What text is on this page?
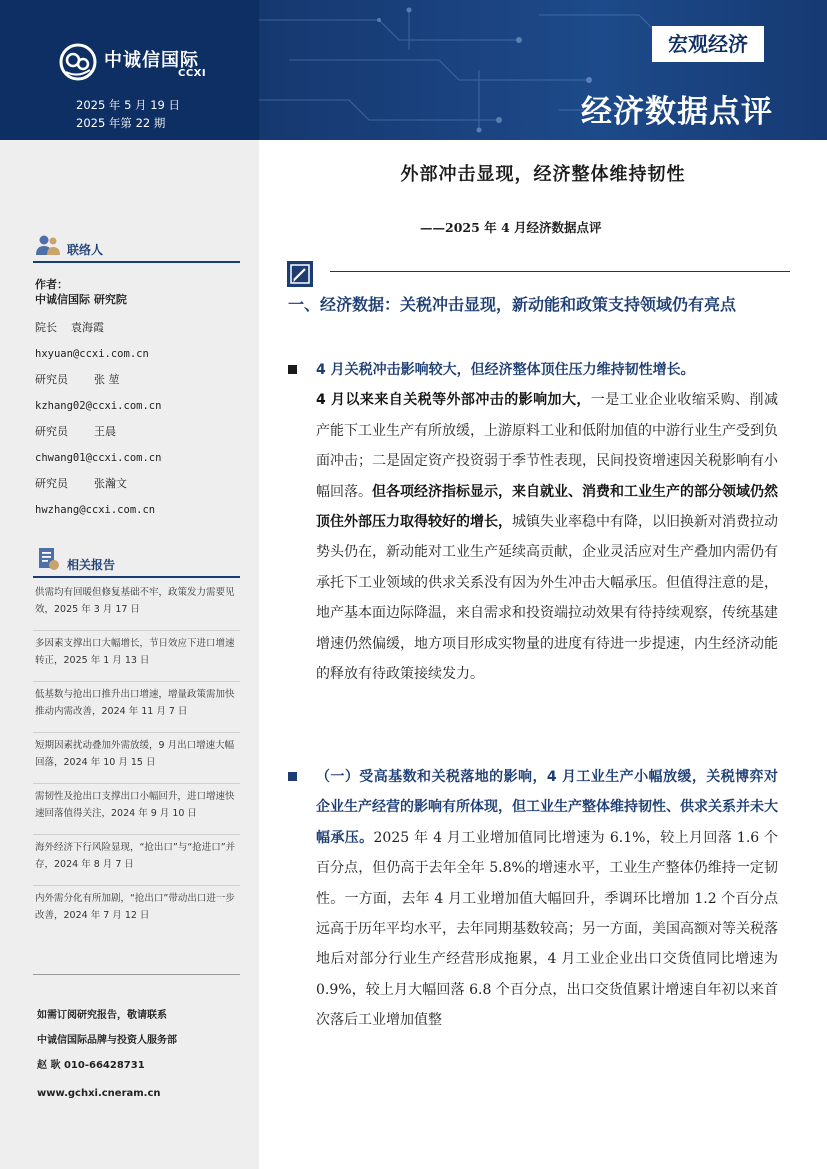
中诚信国际
CCXI
2025 年 5 月 19 日
2025 年第 22 期
宏观经济
经济数据点评
联络人
作者：
中诚信国际 研究院
院长 袁海霞
hxyuan@ccxi.com.cn
研究员 张 堃
kzhang02@ccxi.com.cn
研究员 王晨
chwang01@ccxi.com.cn
研究员 张瀚文
hwzhang@ccxi.com.cn
相关报告
供需均有回暖但修复基础不牢，政策发力需要见效，2025 年 3 月 17 日
多因素支撑出口大幅增长，节日效应下进口增速转正，2025 年 1 月 13 日
低基数与抢出口推升出口增速，增量政策需加快推动内需改善，2024 年 11 月 7 日
短期因素扰动叠加外需放缓，9 月出口增速大幅回落，2024 年 10 月 15 日
需韧性及抢出口支撑出口小幅回升，进口增速快速回落值得关注，2024 年 9 月 10 日
海外经济下行风险显现，“抢出口”与“抢进口”并存，2024 年 8 月 7 日
内外需分化有所加剧，“抢出口”带动出口进一步改善，2024 年 7 月 12 日
如需订阅研究报告，敬请联系
中诚信国际品牌与投资人服务部
赵 耿 010-66428731
www.gchxi.cneram.cn
外部冲击显现，经济整体维持韧性
——2025 年 4 月经济数据点评
一、经济数据：关税冲击显现，新动能和政策支持领域仍有亮点
4 月关税冲击影响较大，但经济整体顶住压力维持韧性增长。
4 月以来来自关税等外部冲击的影响加大，一是工业企业收缩采购、削减产能下工业生产有所放缓，上游原料工业和低附加值的中游行业生产受到负面冲击；二是固定资产投资弱于季节性表现，民间投资增速因关税影响有小幅回落。但各项经济指标显示，来自就业、消费和工业生产的部分领域仍然顶住外部压力取得较好的增长，城镇失业率稳中有降，以旧换新对消费拉动势头仍在，新动能对工业生产延续高贡献，企业灵活应对生产叠加内需仍有承托下工业领域的供求关系没有因为外生冲击大幅承压。但值得注意的是，地产基本面边际降温，来自需求和投资端拉动效果有待持续观察，传统基建增速仍然偏缓，地方项目形成实物量的进度有待进一步提速，内生经济动能的释放有待政策接续发力。
（一）受高基数和关税落地的影响，4 月工业生产小幅放缓，关税博弈对企业生产经营的影响有所体现，但工业生产整体维持韧性、供求关系并未大幅承压。2025 年 4 月工业增加值同比增速为 6.1%，较上月回落 1.6 个百分点，但仍高于去年全年 5.8%的增速水平，工业生产整体仍维持一定韧性。一方面，去年 4 月工业增加值大幅回升，季调环比增加 1.2 个百分点远高于历年平均水平，去年同期基数较高；另一方面，美国高额对等关税落地后对部分行业生产经营形成拖累，4 月工业企业出口交货值同比增速为 0.9%，较上月大幅回落 6.8 个百分点，出口交货值累计增速自年初以来首次落后工业增加值整
